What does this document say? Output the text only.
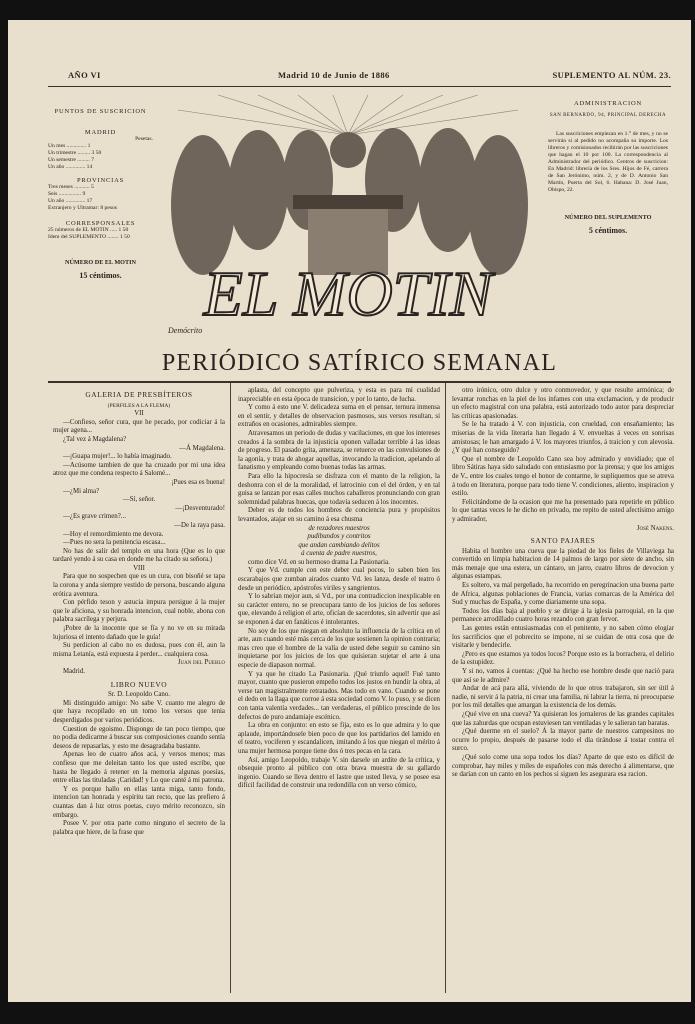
AÑO VI	Madrid 10 de Junio de 1886	SUPLEMENTO AL NÚM. 23.
PUNTOS DE SUSCRICION
MADRID
Pesetas.
Un mes .............. 1
Un trimestre ......... 3 50
Un semestre ......... 7
Un año .............. 14
PROVINCIAS
Tres meses ........... 5
Seis ................ 9
Un año .............. 17
Extranjero y Ultramar: 8 pesos
CORRESPONSALES
25 números de EL MOTIN ..... 1 50
Idem del SUPLEMENTO ........ 1 50
NÚMERO DE EL MOTIN
15 céntimos.	EL MOTIN
Demócrito
ADMINISTRACION
SAN BERNARDO, 94, PRINCIPAL DERECHA
Las suscriciones empiezan en 1.° de mes, y no se servirán si al pedido no acompaña su importe. Los libreros y comisionados recibirán por las suscriciones que hagan el 10 por 100. La correspondencia al Administrador del periódico. Centros de suscricion: En Madrid: librería de los Sres. Hijos de Fé, carrera de San Jerónimo, núm. 2, y de D. Antonio San Martín, Puerta del Sol, 6. Habana: D. José Juan, Obispo, 22.
NÚMERO DEL SUPLEMENTO
5 céntimos.
PERIÓDICO SATÍRICO SEMANAL

GALERIA DE PRESBÍTEROS

(PERFILES A LA FLEMA)

VII

—Confieso, señor cura, que he pecado, por codiciar á la mujer agena...

¿Tal vez á Magdalena?

—Á Magdalena.

—¡Guapa mujer!... lo había imaginado.

—Acúsome tambien de que ha cruzado por mi una idea atroz que me condena respecto á Salomé...

¡Pues esa es buena!

—¿Mi alma?

—Sí, señor.

—¡Desventurado!

—¿Es grave crimen?...

—De la raya pasa.

—Hoy el remordimiento me devora.

—Pues no sera la penitencia escasa...

No has de salir del templo en una hora (Que es lo que tardaré yendo á su casa en donde me ha citado su señora.)

VIII

Para que no sospechen que es un cura, con bisoñé se tapa la corona y anda siempre vestido de persona, buscando alguna erótica aventura.

Con pérfido teson y astucia impura persigue á la mujer que le aficiona, y su honrada intencion, cual noble, abona con palabra sacrílega y perjura.

¡Pobre de la inocente que se fía y no ve en su mirada lujuriosa el intento dañado que le guía!

Su perdicion al cabo no es dudosa, pues con él, aun la misma Letanía, está expuesta á perder... cualquiera cosa.

Juan del Pueblo

Madrid.

LIBRO NUEVO

Sr. D. Leopoldo Cano.

Mi distinguido amigo: No sabe V. cuanto me alegro de que haya recopilado en un tomo los versos que tenia desperdigados por varios periódicos.

Cuestion de egoismo. Dispongo de tan poco tiempo, que no podia dedicarme á buscar sus composiciones cuando sentía deseos de repasarlas, y esto me desagradaba bastante.

Apenas leo de cuatro años acá, y versos menos; mas confieso que me deleitan tanto los que usted escribe, que hasta he llegado á retener en la memoria algunas poesías, entre ellas las tituladas ¡Caridad! y Lo que canté á mi patrona.

Y es porque hallo en ellas tanta miga, tanto fondo, intencion tan honrada y espíritu tan recto, que las prefiero á cuantas dan á luz otros poetas, cuyo mérito reconozco, sin embargo.

Posee V. por otra parte como ninguno el secreto de la palabra que hiere, de la frase que

aplasta, del concepto que pulveriza, y esta es para mí cualidad inapreciable en esta época de transicion, y por lo tanto, de lucha.

Y como á esto une V. delicadeza suma en el pensar, ternura inmensa en el sentir, y detalles de observacion pasmosos, sus versos resultan, si extraños en ocasiones, admirables siempre.

Atravesamos un periodo de dudas y vacilaciones, en que los intereses creados á la sombra de la injusticia oponen valladar terrible á las ideas de progreso. El pasado grita, amenaza, se retuerce en las convulsiones de la agonía, y trata de ahogar aquellas, invocando la tradicion, apelando al fanatismo y empleando como buenas todas las armas.

Para ello la hipocresía se disfraza con el manto de la religion, la deshonra con el de la moralidad, el latrocinio con el del órden, y en tal guisa se lanzan por esas calles muchos caballeros pronunciando con gran solemnidad palabras huecas, que todavía seducen á los inocentes.

Deber es de todos los hombres de conciencia pura y propósitos levantados, atajar en su camino á esa chusma

de rezadores maestros

pudibundos y contritos

que andan cambiando delitos

á cuenta de padre nuestros,

como dice Vd. en su hermoso drama La Pasionaria.

Y que Vd. cumple con este deber cual pocos, lo saben bien los escarabajos que zumban airados cuanto Vd. les lanza, desde el teatro ó desde un periódico, apóstrofes viriles y sangrientos.

Y lo sabrían mejor aun, si Vd., por una contradiccion inexplicable en su carácter entero, no se preocupara tanto de los juicios de los señores que, elevando á religion el arte, oficían de sacerdotes, sin advertir que así se exponen á dar en fanáticos é intolerantes.

No soy de los que niegan en absoluto la influencia de la crítica en el arte, aun cuando esté más cerca de los que sostienen la opinion contraria; mas creo que el hombre de la valía de usted debe seguir su camino sin inquietarse por los juicios de los que quisieran sujetar el arte á una especie de diapason normal.

Y ya que he citado La Pasionaria. ¡Qué triunfo aquel! Fué tanto mayor, cuanto que pusieron empeño todos los justos en hundir la obra, al verse tan magistralmente retratados. Mas todo en vano. Cuando se pone el dedo en la llaga que corroe á esta sociedad como V. lo puso, y se dicen con tanta valentía verdades... tan verdaderas, el público prescinde de los defectos de puro andamiaje escénico.

La obra en conjunto: en esto se fija, esto es lo que admira y lo que aplaude, importándosele bien poco de que los partidarios del lamido en el teatro, vociferen y escandalicen, imitando á los que niegan el mérito á una mujer hermosa porque tiene dos ó tres pecas en la cara.

Así, amigo Leopoldo, trabaje V. sin darsele un ardite de la crítica, y obsequie pronto al público con otra brava muestra de su gallardo ingenio. Cuando se lleva dentro el lastre que usted lleva, y se posee esa difícil facilidad de construir una redondilla con un verso cómico,

otro irónico, otro dulce y otro conmovedor, y que resulte armónica; de levantar ronchas en la piel de los infames con una exclamacion, y de producir un efecto magistral con una palabra, está autorizado todo autor para despreciar las críticas apasionadas.

Se le ha tratado á V. con injusticia, con crueldad, con ensañamiento; las miserias de la vida literaria han llegado á V. envueltas á veces en sonrisas amistosas; le han amargado á V. los mayores triunfos, á traicion y con alevosía. ¿Y qué han conseguido?

Que el nombre de Leopoldo Cano sea hoy admirado y envidiado; que el libro Sátiras haya sido saludado con entusiasmo por la prensa; y que los amigos de V., entre los cuales tengo el honor de contarme, le supliquemos que se atreva á todo en literatura, porque para todo tiene V. condiciones, aliento, inspiracion y estilo.

Felicitándome de la ocasion que me ha presentado para repetirle en público lo que tantas veces le he dicho en privado, me repito de usted afectísimo amigo y admirador,

José Nakens.

SANTO PAJARES

Habita el hombre una cueva que la piedad de los fieles de Villaviega ha convertido en limpia habitacion de 14 palmos de largo por siete de ancho, sin más menaje que una estera, un cántaro, un jarro, cuatro libros de devocion y algunas estampas.

Es soltero, va mal pergeñado, ha recorrido en peregrinacion una buena parte de Africa, algunas poblaciones de Francia, varias comarcas de la América del Sud y muchas de España, y come diariamente una sopa.

Todos los días baja al pueblo y se dirige á la iglesia parroquial, en la que permanece arrodillado cuatro horas rezando con gran fervor.

Las gentes están entusiasmadas con el penitente, y no saben cómo elogiar los sacrificios que el pobrecito se impone, ni se cuidan de otra cosa que de visitarle y bendecirle.

¿Pero es que estamos ya todos locos? Porque esto es la borrachera, el delirio de la estupidez.

Y si no, vamos á cuentas: ¿Qué ha hecho ese hombre desde que nació para que así se le admire?

Andar de acá para allá, viviendo de lo que otros trabajaron, sin ser útil á nadie, ni servir á la patria, ni crear una familia, ni labrar la tierra, ni preocuparse por los mil detalles que amargan la existencia de los demás.

¿Qué vive en una cueva? Ya quisieran los jornaleros de las grandes capitales que las zahurdas que ocupan estuviesen tan ventiladas y le salieran tan baratas.

¿Qué duerme en el suelo? Á la mayor parte de nuestros campesinos no ocurre lo propio, después de pasarse todo el día tirándose á tostar contra el surco.

¿Qué solo come una sopa todos los días? Aparte de que esto es difícil de comprobar, hay miles y miles de españoles con más derecho á alimentarse, que se darían con un canto en los pechos si siguen les asegurara esa racion.
